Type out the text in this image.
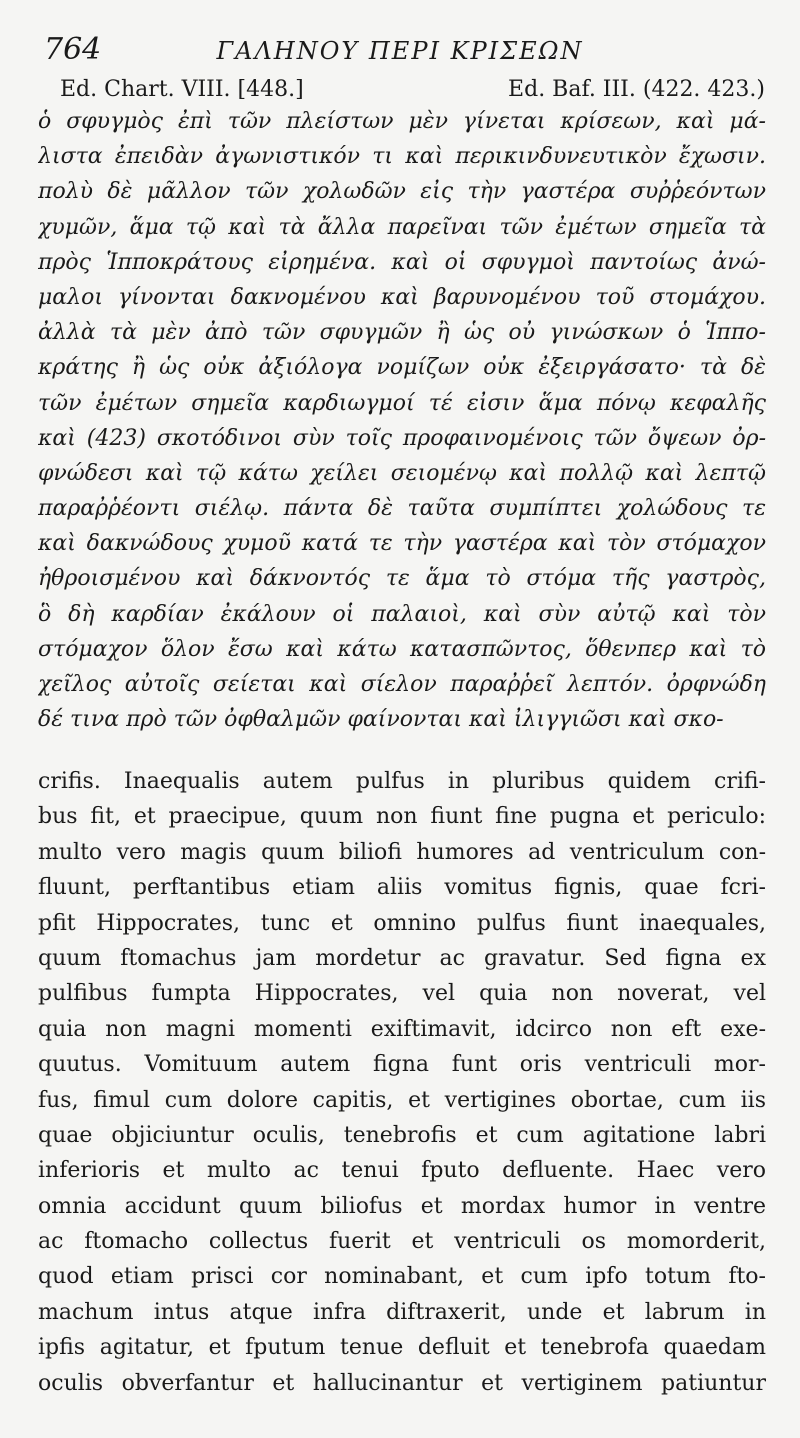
764	ΓΑΛΗΝΟΥ ΠΕΡΙ ΚΡΙΣΕΩΝ
Ed. Chart. VIII. [448.]	Ed. Baf. III. (422. 423.)
ὁ σφυγμὸς ἐπὶ τῶν πλείστων μὲν γίνεται κρίσεων, καὶ μά-
λιστα ἐπειδὰν ἀγωνιστικόν τι καὶ περικινδυνευτικὸν ἔχωσιν.
πολὺ δὲ μᾶλλον τῶν χολωδῶν εἰς τὴν γαστέρα συῤῥεόντων
χυμῶν, ἅμα τῷ καὶ τὰ ἄλλα παρεῖναι τῶν ἐμέτων σημεῖα τὰ
πρὸς Ἱπποκράτους εἰρημένα. καὶ οἱ σφυγμοὶ παντοίως ἀνώ-
μαλοι γίνονται δακνομένου καὶ βαρυνομένου τοῦ στομάχου.
ἀλλὰ τὰ μὲν ἀπὸ τῶν σφυγμῶν ἢ ὡς οὐ γινώσκων ὁ Ἱππο-
κράτης ἢ ὡς οὐκ ἀξιόλογα νομίζων οὐκ ἐξειργάσατο· τὰ δὲ
τῶν ἐμέτων σημεῖα καρδιωγμοί τέ εἰσιν ἅμα πόνῳ κεφαλῆς
καὶ (423) σκοτόδινοι σὺν τοῖς προφαινομένοις τῶν ὄψεων ὀρ-
φνώδεσι καὶ τῷ κάτω χείλει σειομένῳ καὶ πολλῷ καὶ λεπτῷ
παραῤῥέοντι σιέλῳ. πάντα δὲ ταῦτα συμπίπτει χολώδους τε
καὶ δακνώδους χυμοῦ κατά τε τὴν γαστέρα καὶ τὸν στόμαχον
ἠθροισμένου καὶ δάκνοντός τε ἅμα τὸ στόμα τῆς γαστρὸς,
ὃ δὴ καρδίαν ἐκάλουν οἱ παλαιοὶ, καὶ σὺν αὐτῷ καὶ τὸν
στόμαχον ὅλον ἔσω καὶ κάτω κατασπῶντος, ὅθενπερ καὶ τὸ
χεῖλος αὐτοῖς σείεται καὶ σίελον παραῤῥεῖ λεπτόν. ὀρφνώδη
δέ τινα πρὸ τῶν ὀφθαλμῶν φαίνονται καὶ ἰλιγγιῶσι καὶ σκο-
crifis. Inaequalis autem pulfus in pluribus quidem crifi-
bus fit, et praecipue, quum non fiunt fine pugna et periculo:
multo vero magis quum biliofi humores ad ventriculum con-
fluunt, perftantibus etiam aliis vomitus fignis, quae fcri-
pfit Hippocrates, tunc et omnino pulfus fiunt inaequales,
quum ftomachus jam mordetur ac gravatur. Sed figna ex
pulfibus fumpta Hippocrates, vel quia non noverat, vel
quia non magni momenti exiftimavit, idcirco non eft exe-
quutus. Vomituum autem figna funt oris ventriculi mor-
fus, fimul cum dolore capitis, et vertigines obortae, cum iis
quae objiciuntur oculis, tenebrofis et cum agitatione labri
inferioris et multo ac tenui fputo defluente. Haec vero
omnia accidunt quum biliofus et mordax humor in ventre
ac ftomacho collectus fuerit et ventriculi os momorderit,
quod etiam prisci cor nominabant, et cum ipfo totum fto-
machum intus atque infra diftraxerit, unde et labrum in
ipfis agitatur, et fputum tenue defluit et tenebrofa quaedam
oculis obverfantur et hallucinantur et vertiginem patiuntur
